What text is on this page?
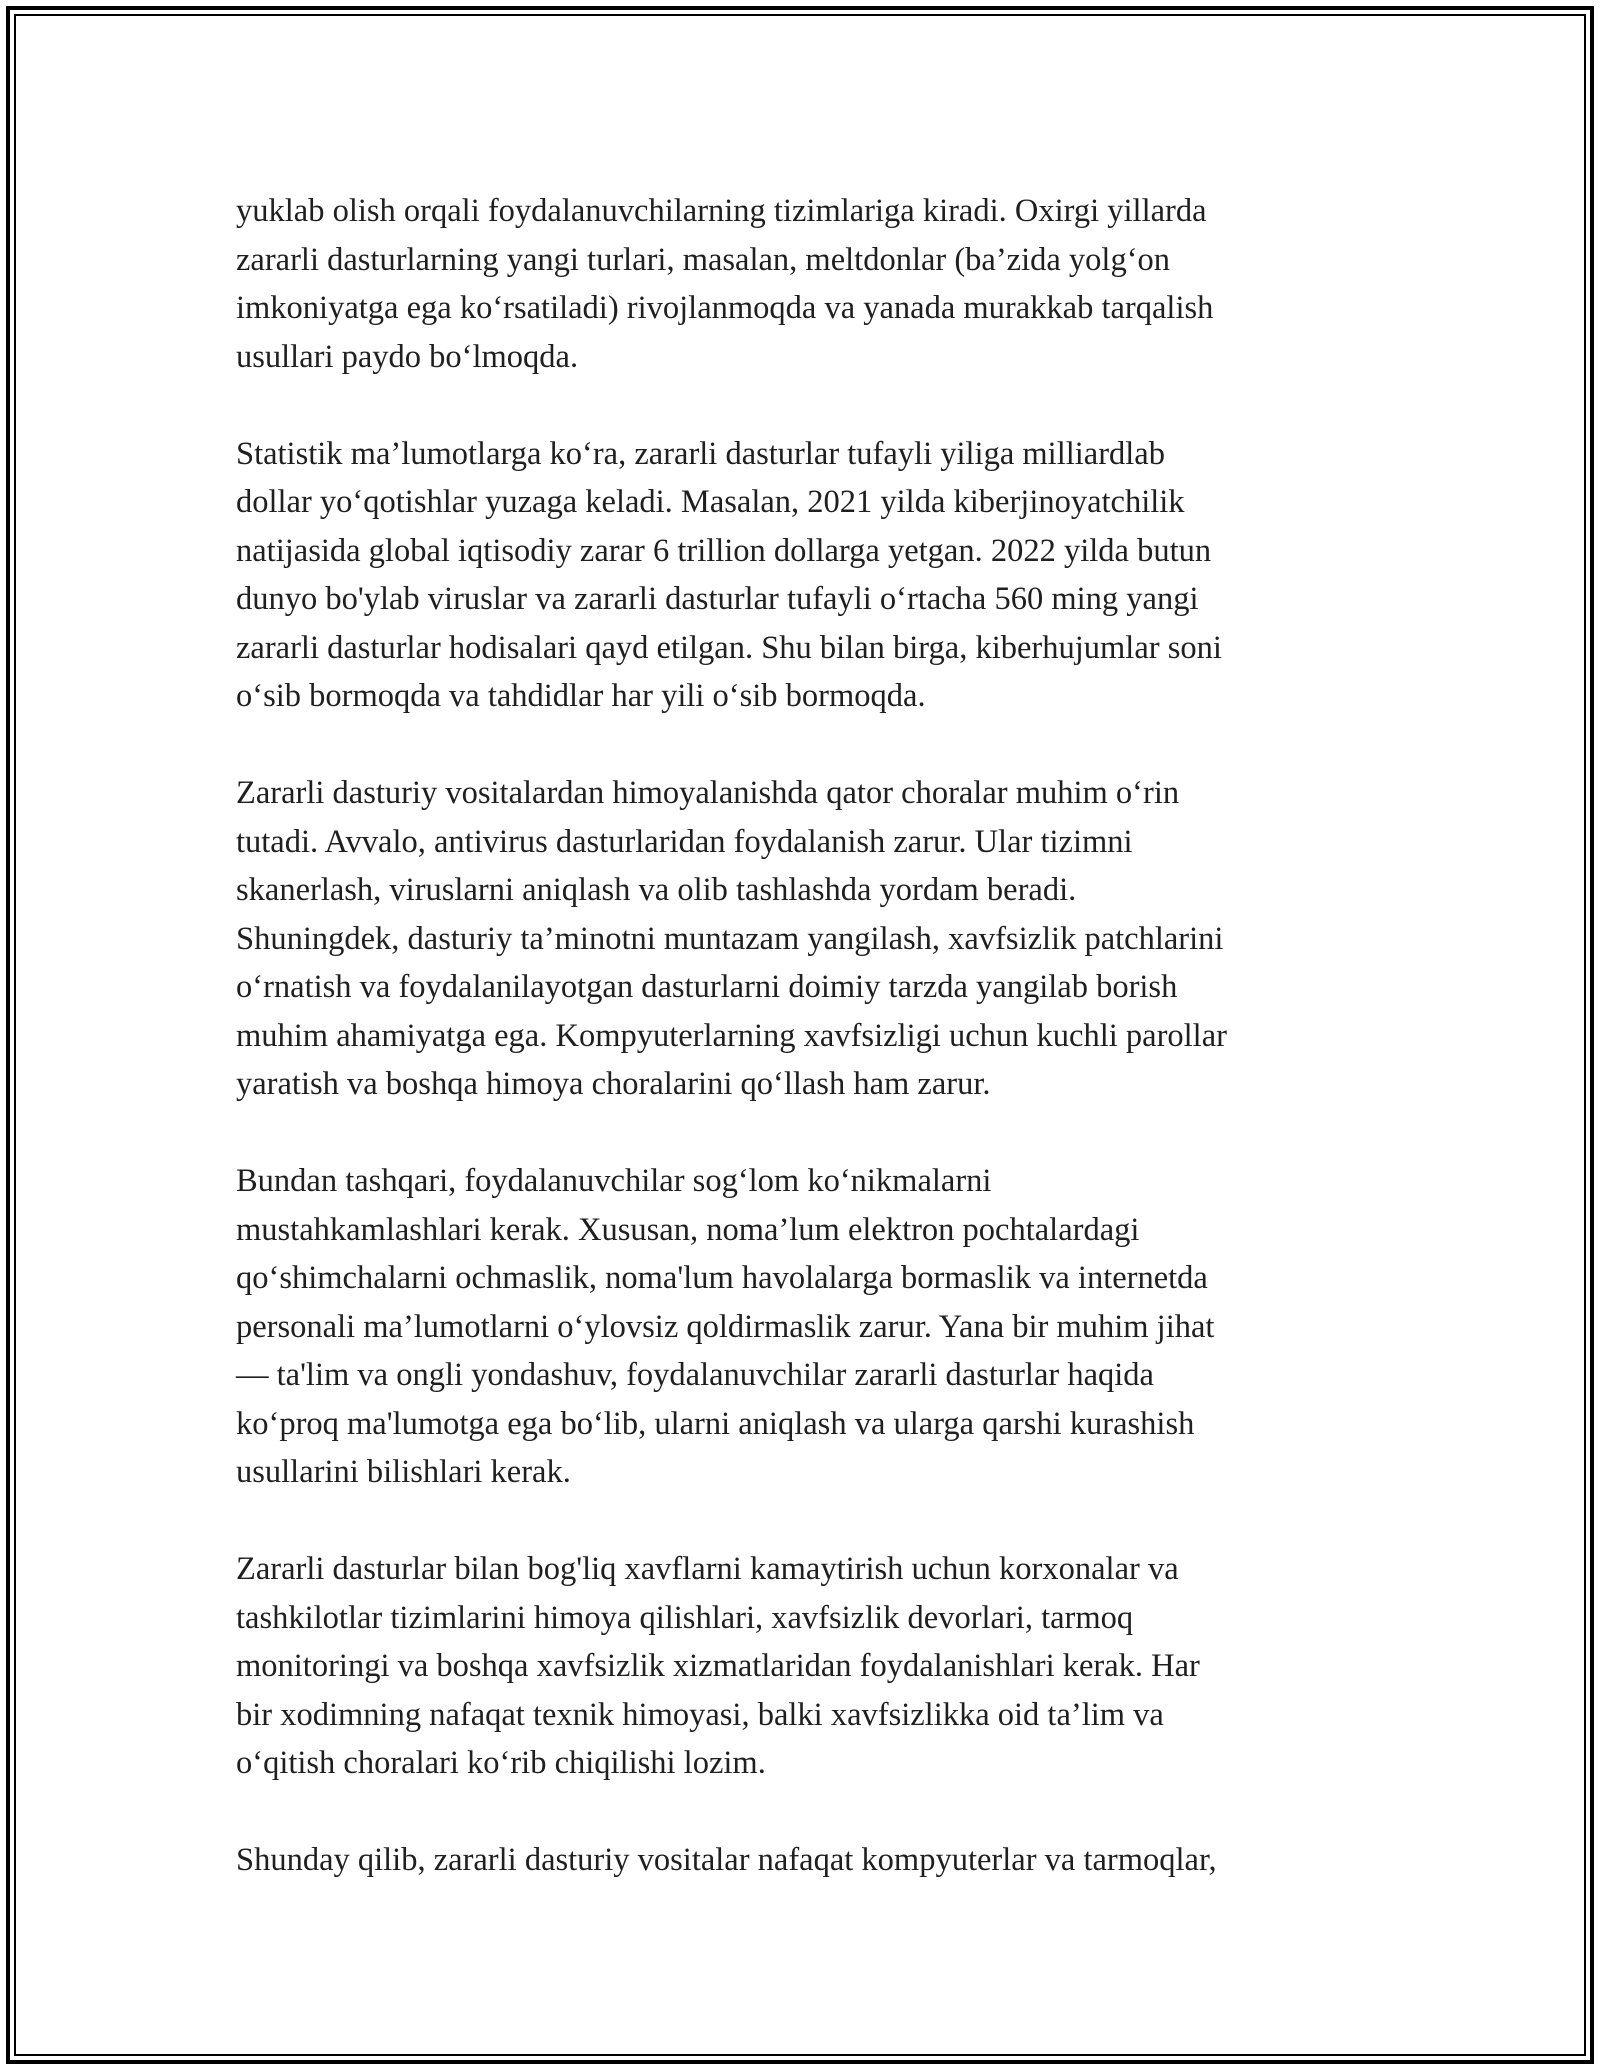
yuklab olish orqali foydalanuvchilarning tizimlariga kiradi. Oxirgi yillarda
zararli dasturlarning yangi turlari, masalan, meltdonlar (ba’zida yolg‘on
imkoniyatga ega ko‘rsatiladi) rivojlanmoqda va yanada murakkab tarqalish
usullari paydo bo‘lmoqda.

Statistik ma’lumotlarga ko‘ra, zararli dasturlar tufayli yiliga milliardlab
dollar yo‘qotishlar yuzaga keladi. Masalan, 2021 yilda kiberjinoyatchilik
natijasida global iqtisodiy zarar 6 trillion dollarga yetgan. 2022 yilda butun
dunyo bo'ylab viruslar va zararli dasturlar tufayli o‘rtacha 560 ming yangi
zararli dasturlar hodisalari qayd etilgan. Shu bilan birga, kiberhujumlar soni
o‘sib bormoqda va tahdidlar har yili o‘sib bormoqda.

Zararli dasturiy vositalardan himoyalanishda qator choralar muhim o‘rin
tutadi. Avvalo, antivirus dasturlaridan foydalanish zarur. Ular tizimni
skanerlash, viruslarni aniqlash va olib tashlashda yordam beradi.
Shuningdek, dasturiy ta’minotni muntazam yangilash, xavfsizlik patchlarini
o‘rnatish va foydalanilayotgan dasturlarni doimiy tarzda yangilab borish
muhim ahamiyatga ega. Kompyuterlarning xavfsizligi uchun kuchli parollar
yaratish va boshqa himoya choralarini qo‘llash ham zarur.

Bundan tashqari, foydalanuvchilar sog‘lom ko‘nikmalarni
mustahkamlashlari kerak. Xususan, noma’lum elektron pochtalardagi
qo‘shimchalarni ochmaslik, noma'lum havolalarga bormaslik va internetda
personali ma’lumotlarni o‘ylovsiz qoldirmaslik zarur. Yana bir muhim jihat
— ta'lim va ongli yondashuv, foydalanuvchilar zararli dasturlar haqida
ko‘proq ma'lumotga ega bo‘lib, ularni aniqlash va ularga qarshi kurashish
usullarini bilishlari kerak.

Zararli dasturlar bilan bog'liq xavflarni kamaytirish uchun korxonalar va
tashkilotlar tizimlarini himoya qilishlari, xavfsizlik devorlari, tarmoq
monitoringi va boshqa xavfsizlik xizmatlaridan foydalanishlari kerak. Har
bir xodimning nafaqat texnik himoyasi, balki xavfsizlikka oid ta’lim va
o‘qitish choralari ko‘rib chiqilishi lozim.

Shunday qilib, zararli dasturiy vositalar nafaqat kompyuterlar va tarmoqlar,
